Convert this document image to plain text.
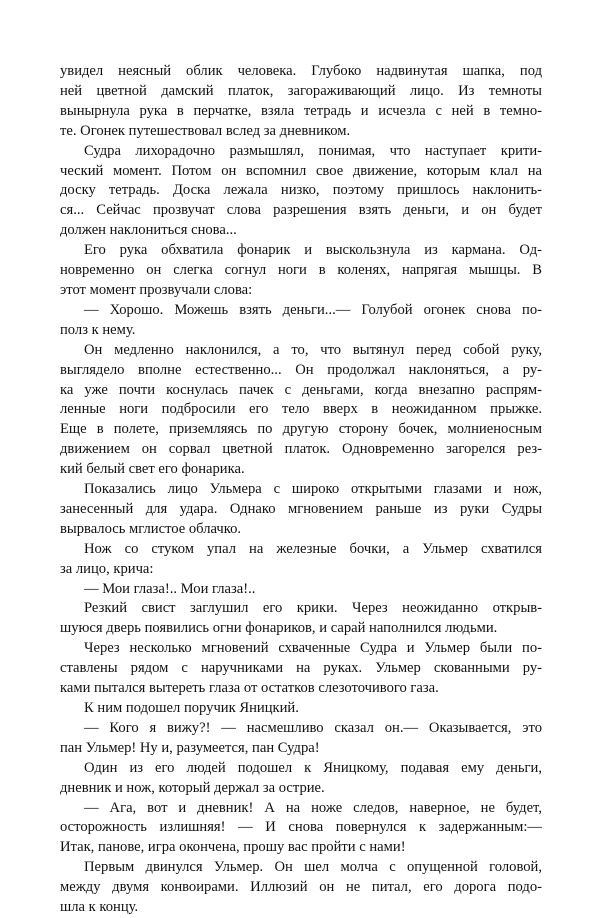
увидел неясный облик человека. Глубоко надвинутая шапка, под
ней цветной дамский платок, загораживающий лицо. Из темноты
вынырнула рука в перчатке, взяла тетрадь и исчезла с ней в темно-
те. Огонек путешествовал вслед за дневником.
Судра лихорадочно размышлял, понимая, что наступает крити-
ческий момент. Потом он вспомнил свое движение, которым клал на
доску тетрадь. Доска лежала низко, поэтому пришлось наклонить-
ся... Сейчас прозвучат слова разрешения взять деньги, и он будет
должен наклониться снова...
Его рука обхватила фонарик и выскользнула из кармана. Од-
новременно он слегка согнул ноги в коленях, напрягая мышцы. В
этот момент прозвучали слова:
— Хорошо. Можешь взять деньги...— Голубой огонек снова по-
полз к нему.
Он медленно наклонился, а то, что вытянул перед собой руку,
выглядело вполне естественно... Он продолжал наклоняться, а ру-
ка уже почти коснулась пачек с деньгами, когда внезапно распрям-
ленные ноги подбросили его тело вверх в неожиданном прыжке.
Еще в полете, приземляясь по другую сторону бочек, молниеносным
движением он сорвал цветной платок. Одновременно загорелся рез-
кий белый свет его фонарика.
Показались лицо Ульмера с широко открытыми глазами и нож,
занесенный для удара. Однако мгновением раньше из руки Судры
вырвалось мглистое облачко.
Нож со стуком упал на железные бочки, а Ульмер схватился
за лицо, крича:
— Мои глаза!.. Мои глаза!..
Резкий свист заглушил его крики. Через неожиданно открыв-
шуюся дверь появились огни фонариков, и сарай наполнился людьми.
Через несколько мгновений схваченные Судра и Ульмер были по-
ставлены рядом с наручниками на руках. Ульмер скованными ру-
ками пытался вытереть глаза от остатков слезоточивого газа.
К ним подошел поручик Яницкий.
— Кого я вижу?! — насмешливо сказал он.— Оказывается, это
пан Ульмер! Ну и, разумеется, пан Судра!
Один из его людей подошел к Яницкому, подавая ему деньги,
дневник и нож, который держал за острие.
— Ага, вот и дневник! А на ноже следов, наверное, не будет,
осторожность излишняя! — И снова повернулся к задержанным:—
Итак, панове, игра окончена, прошу вас пройти с нами!
Первым двинулся Ульмер. Он шел молча с опущенной головой,
между двумя конвоирами. Иллюзий он не питал, его дорога подо-
шла к концу.
